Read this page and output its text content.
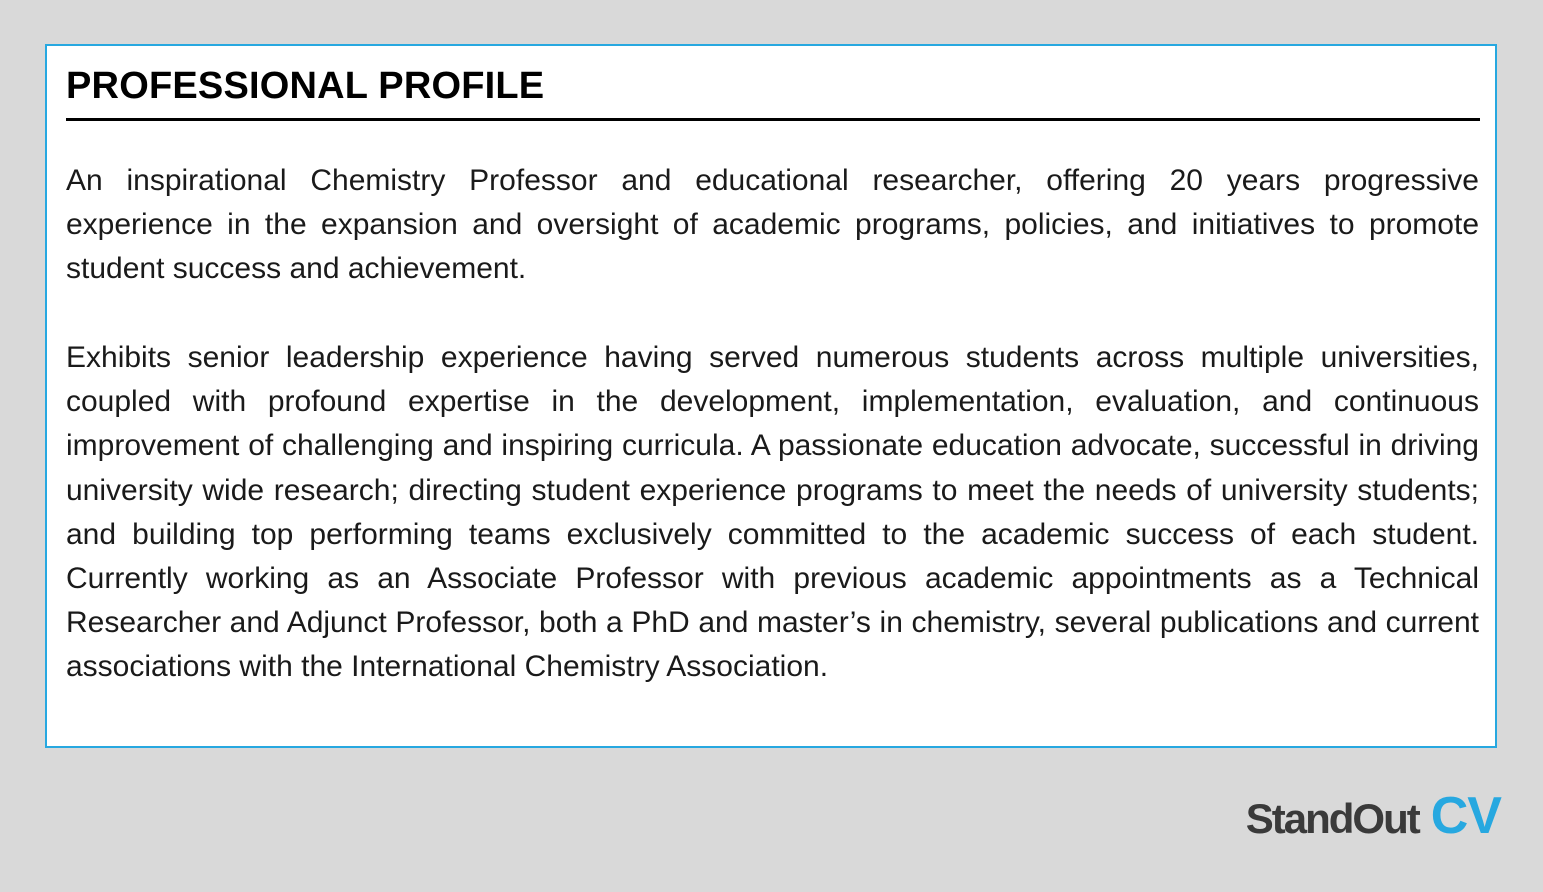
PROFESSIONAL PROFILE

An inspirational Chemistry Professor and educational researcher, offering 20 years progressive experience in the expansion and oversight of academic programs, policies, and initiatives to promote student success and achievement.

Exhibits senior leadership experience having served numerous students across multiple universities, coupled with profound expertise in the development, implementation, evaluation, and continuous improvement of challenging and inspiring curricula. A passionate education advocate, successful in driving university wide research; directing student experience programs to meet the needs of university students; and building top performing teams exclusively committed to the academic success of each student. Currently working as an Associate Professor with previous academic appointments as a Technical Researcher and Adjunct Professor, both a PhD and master’s in chemistry, several publications and current associations with the International Chemistry Association.

StandOut CV
